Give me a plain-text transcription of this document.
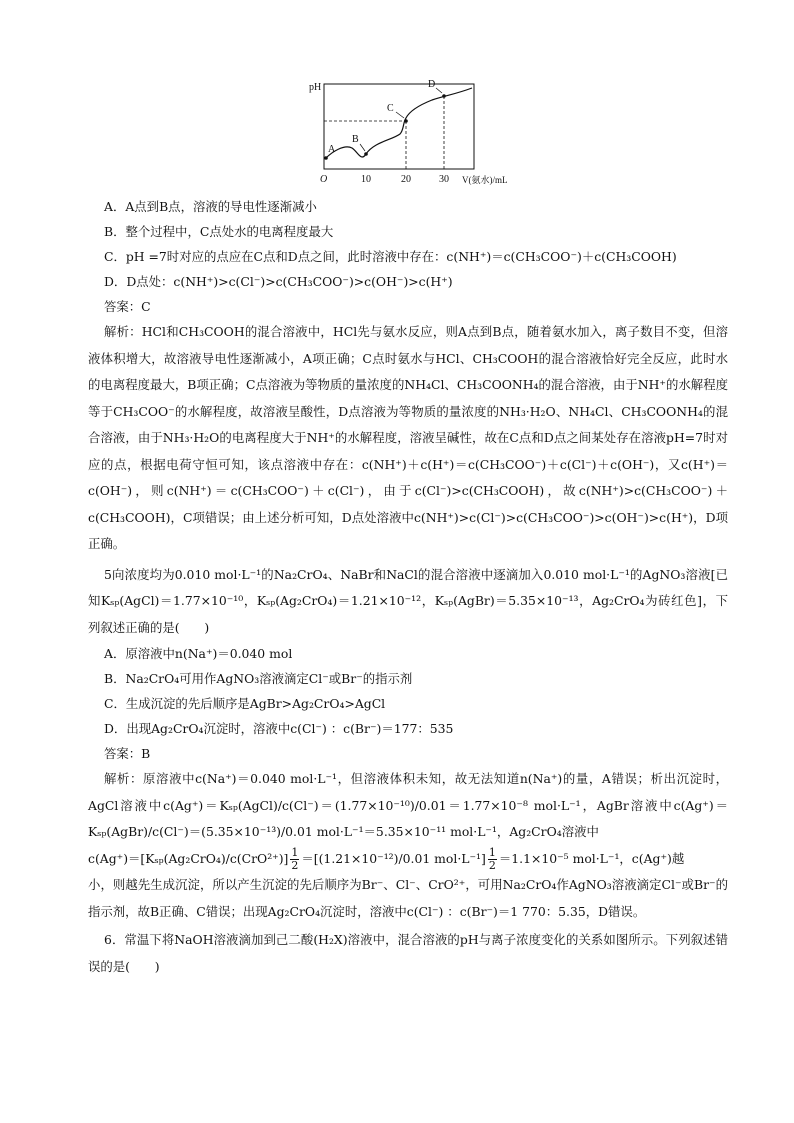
pH
O	10	20	30 V(氨水)/mL
A
B
C
D
A．A点到B点，溶液的导电性逐渐减小
B．整个过程中，C点处水的电离程度最大
C．pH =7时对应的点应在C点和D点之间，此时溶液中存在：c(NH⁺)＝c(CH₃COO⁻)＋c(CH₃COOH)
D．D点处：c(NH⁺)>c(Cl⁻)>c(CH₃COO⁻)>c(OH⁻)>c(H⁺)
答案：C
解析：HCl和CH₃COOH的混合溶液中，HCl先与氨水反应，则A点到B点，随着氨水加入，离子数目不变，但溶液体积增大，故溶液导电性逐渐减小，A项正确；C点时氨水与HCl、CH₃COOH的混合溶液恰好完全反应，此时水的电离程度最大，B项正确；C点溶液为等物质的量浓度的NH₄Cl、CH₃COONH₄的混合溶液，由于NH⁺的水解程度等于CH₃COO⁻的水解程度，故溶液呈酸性，D点溶液为等物质的量浓度的NH₃·H₂O、NH₄Cl、CH₃COONH₄的混合溶液，由于NH₃·H₂O的电离程度大于NH⁺的水解程度，溶液呈碱性，故在C点和D点之间某处存在溶液pH=7时对应的点，根据电荷守恒可知，该点溶液中存在：c(NH⁺)＋c(H⁺)＝c(CH₃COO⁻)＋c(Cl⁻)＋c(OH⁻)，又c(H⁺)＝c(OH⁻)，则c(NH⁺)＝c(CH₃COO⁻)＋c(Cl⁻)，由于c(Cl⁻)>c(CH₃COOH)，故c(NH⁺)>c(CH₃COO⁻)＋c(CH₃COOH)，C项错误；由上述分析可知，D点处溶液中c(NH⁺)>c(Cl⁻)>c(CH₃COO⁻)>c(OH⁻)>c(H⁺)，D项正确。
5向浓度均为0.010 mol·L⁻¹的Na₂CrO₄、NaBr和NaCl的混合溶液中逐滴加入0.010 mol·L⁻¹的AgNO₃溶液[已知Kₛₚ(AgCl)＝1.77×10⁻¹⁰，Kₛₚ(Ag₂CrO₄)＝1.21×10⁻¹²，Kₛₚ(AgBr)＝5.35×10⁻¹³，Ag₂CrO₄为砖红色]，下列叙述正确的是(　　)
A．原溶液中n(Na⁺)＝0.040 mol
B．Na₂CrO₄可用作AgNO₃溶液滴定Cl⁻或Br⁻的指示剂
C．生成沉淀的先后顺序是AgBr>Ag₂CrO₄>AgCl
D．出现Ag₂CrO₄沉淀时，溶液中c(Cl⁻) ：c(Br⁻)＝177：535
答案：B
解析：原溶液中c(Na⁺)＝0.040 mol·L⁻¹，但溶液体积未知，故无法知道n(Na⁺)的量，A错误；析出沉淀时，AgCl溶液中c(Ag⁺)＝Kₛₚ(AgCl)/c(Cl⁻)＝(1.77×10⁻¹⁰)/0.01＝1.77×10⁻⁸ mol·L⁻¹，AgBr溶液中c(Ag⁺)＝Kₛₚ(AgBr)/c(Cl⁻)＝(5.35×10⁻¹³)/0.01 mol·L⁻¹＝5.35×10⁻¹¹ mol·L⁻¹，Ag₂CrO₄溶液中
$c(Ag^+)=[K_{sp}(Ag_2CrO_4)/c(CrO^{2+})] \frac{1}{2} =[(1.21\times 10^{-12})/0.01$ $mol\cdot L^{-1}] \frac{1}{2} =1.1\times 10^{-5}$ mol·L⁻¹，c(Ag⁺)越
小，则越先生成沉淀，所以产生沉淀的先后顺序为Br⁻、Cl⁻、CrO²⁺，可用Na₂CrO₄作AgNO₃溶液滴定Cl⁻或Br⁻的指示剂，故B正确、C错误；出现Ag₂CrO₄沉淀时，溶液中c(Cl⁻) ：c(Br⁻)＝1 770：5.35，D错误。
6．常温下将NaOH溶液滴加到己二酸(H₂X)溶液中，混合溶液的pH与离子浓度变化的关系如图所示。下列叙述错误的是(　　)
